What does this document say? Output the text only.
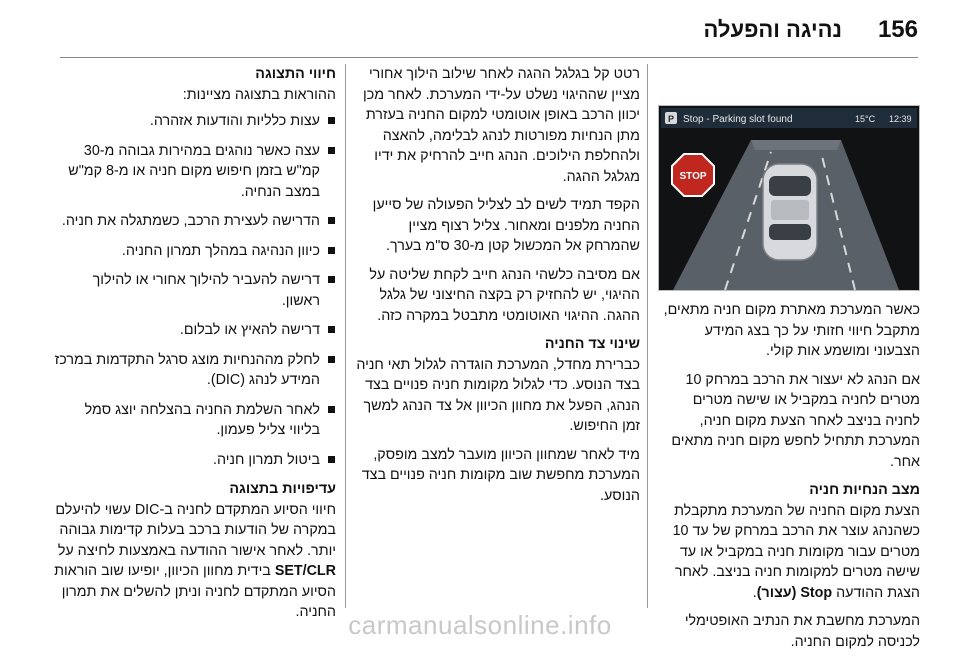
156
נהיגה והפעלה
P Stop - Parking slot found	15°C 12:39
STOP

כאשר המערכת מאתרת מקום חניה מתאים, מתקבל חיווי חזותי על כך בצג המידע הצבעוני ומושמע אות קולי.

אם הנהג לא יעצור את הרכב במרחק 10 מטרים לחניה במקביל או שישה מטרים לחניה בניצב לאחר הצעת מקום חניה, המערכת תתחיל לחפש מקום חניה מתאים אחר.

מצב הנחיות חניה

הצעת מקום החניה של המערכת מתקבלת כשהנהג עוצר את הרכב במרחק של עד 10 מטרים עבור מקומות חניה במקביל או עד שישה מטרים למקומות חניה בניצב. לאחר הצגת ההודעה Stop (עצור).

המערכת מחשבת את הנתיב האופטימלי לכניסה למקום החניה.

רטט קל בגלגל ההגה לאחר שילוב הילוך אחורי מציין שההיגוי נשלט על-ידי המערכת. לאחר מכן יכוון הרכב באופן אוטומטי למקום החניה בעזרת מתן הנחיות מפורטות לנהג לבלימה, להאצה ולהחלפת הילוכים. הנהג חייב להרחיק את ידיו מגלגל ההגה.

הקפד תמיד לשים לב לצליל הפעולה של סייען החניה מלפנים ומאחור. צליל רצוף מציין שהמרחק אל המכשול קטן מ-30 ס"מ בערך.

אם מסיבה כלשהי הנהג חייב לקחת שליטה על ההיגוי, יש להחזיק רק בקצה החיצוני של גלגל ההגה. ההיגוי האוטומטי מתבטל במקרה כזה.

שינוי צד החניה

כברירת מחדל, המערכת הוגדרה לגלול תאי חניה בצד הנוסע. כדי לגלול מקומות חניה פנויים בצד הנהג, הפעל את מחוון הכיוון אל צד הנהג למשך זמן החיפוש.

מיד לאחר שמחוון הכיוון מועבר למצב מופסק, המערכת מחפשת שוב מקומות חניה פנויים בצד הנוסע.

חיווי התצוגה

ההוראות בתצוגה מציינות:

עצות כלליות והודעות אזהרה.
עצה כאשר נוהגים במהירות גבוהה מ-30 קמ"ש בזמן חיפוש מקום חניה או מ-8 קמ"ש במצב הנחיה.
הדרישה לעצירת הרכב, כשמתגלה את חניה.
כיוון הנהיגה במהלך תמרון החניה.
דרישה להעביר להילוך אחורי או להילוך ראשון.
דרישה להאיץ או לבלום.
לחלק מההנחיות מוצג סרגל התקדמות במרכז המידע לנהג (DIC).
לאחר השלמת החניה בהצלחה יוצג סמל בליווי צליל פעמון.
ביטול תמרון חניה.
עדיפויות בתצוגה

חיווי הסיוע המתקדם לחניה ב-DIC עשוי להיעלם במקרה של הודעות ברכב בעלות קדימות גבוהה יותר. לאחר אישור ההודעה באמצעות לחיצה על SET/CLR בידית מחוון הכיוון, יופיעו שוב הוראות הסיוע המתקדם לחניה וניתן להשלים את תמרון החניה. carmanualsonline.info
